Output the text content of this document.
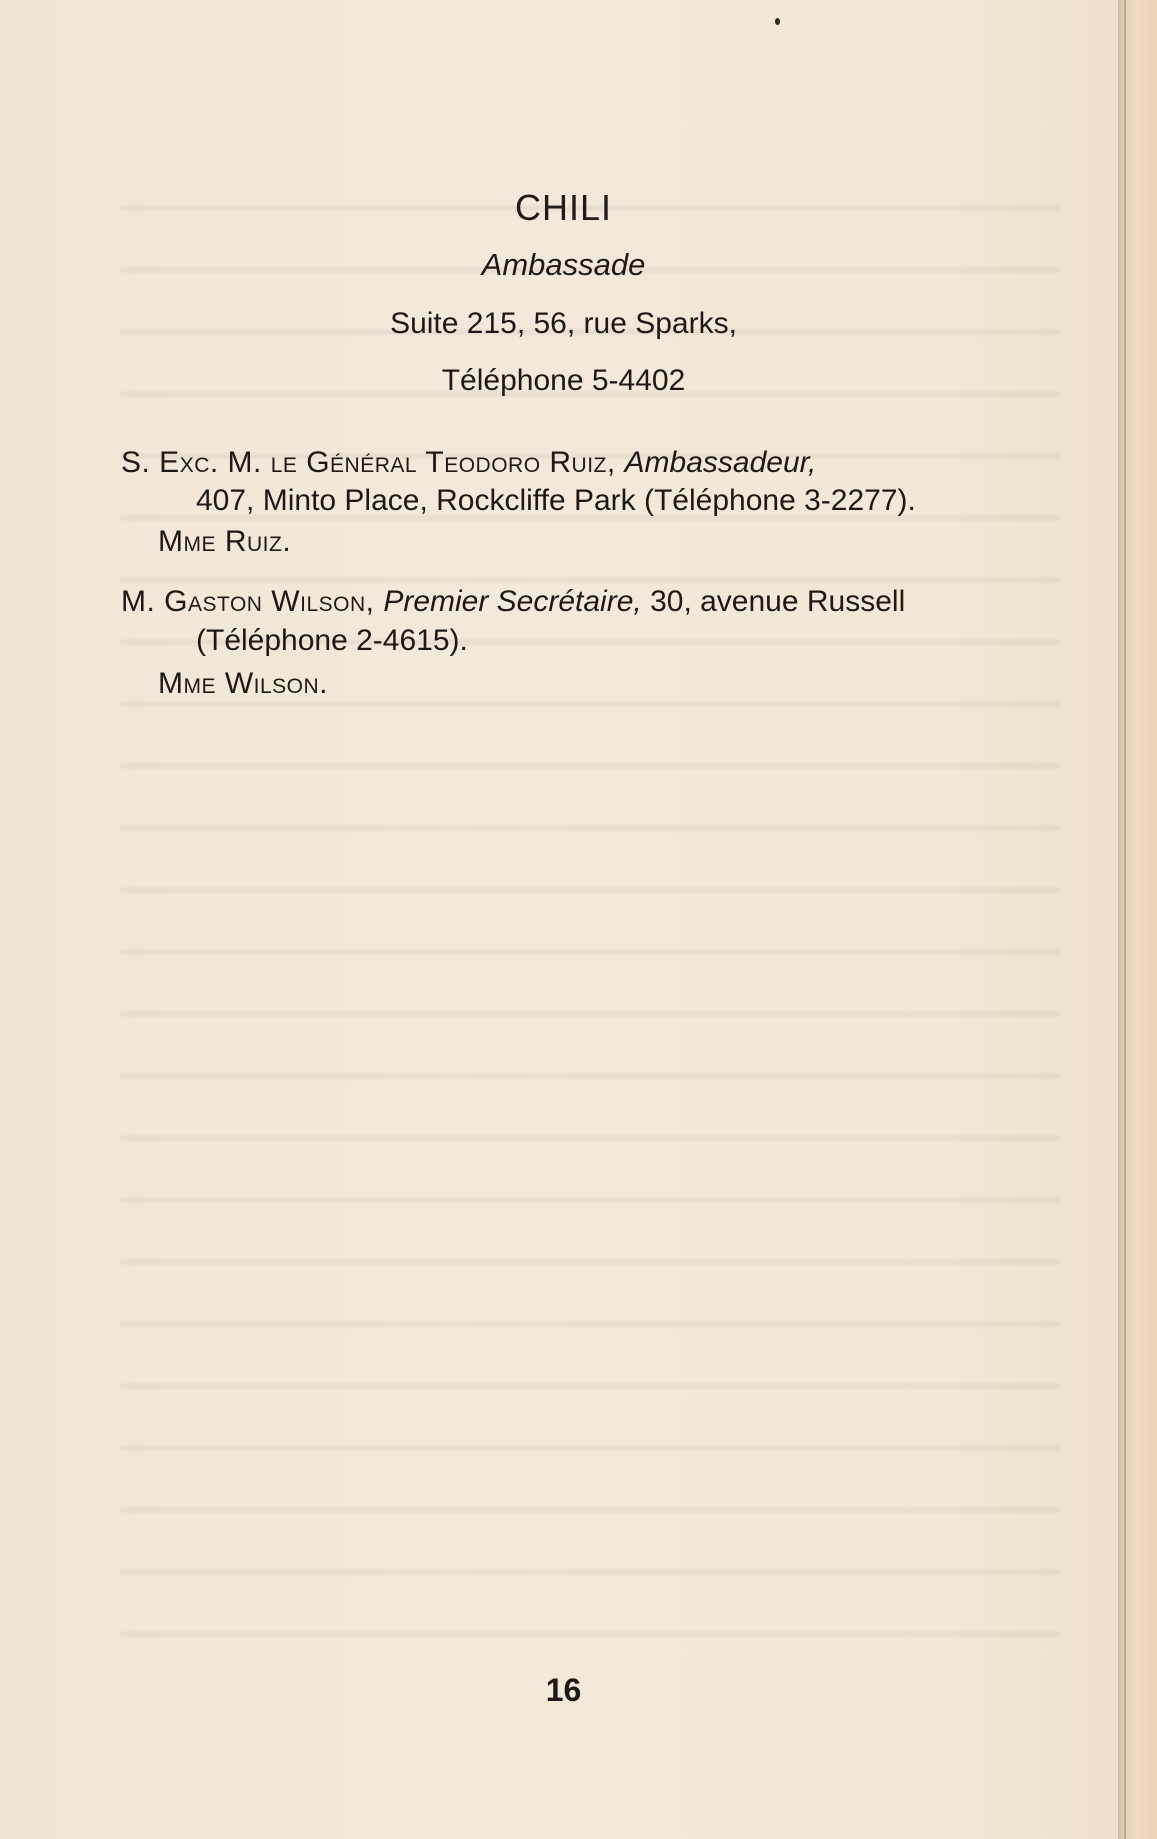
CHILI
Ambassade
Suite 215, 56, rue Sparks,
Téléphone 5-4402
S. Exc. M. le Général Teodoro Ruiz, Ambassadeur,
407, Minto Place, Rockcliffe Park (Téléphone 3-2277).
Mme Ruiz.
M. Gaston Wilson, Premier Secrétaire, 30, avenue Russell
(Téléphone 2-4615).
Mme Wilson.
16
